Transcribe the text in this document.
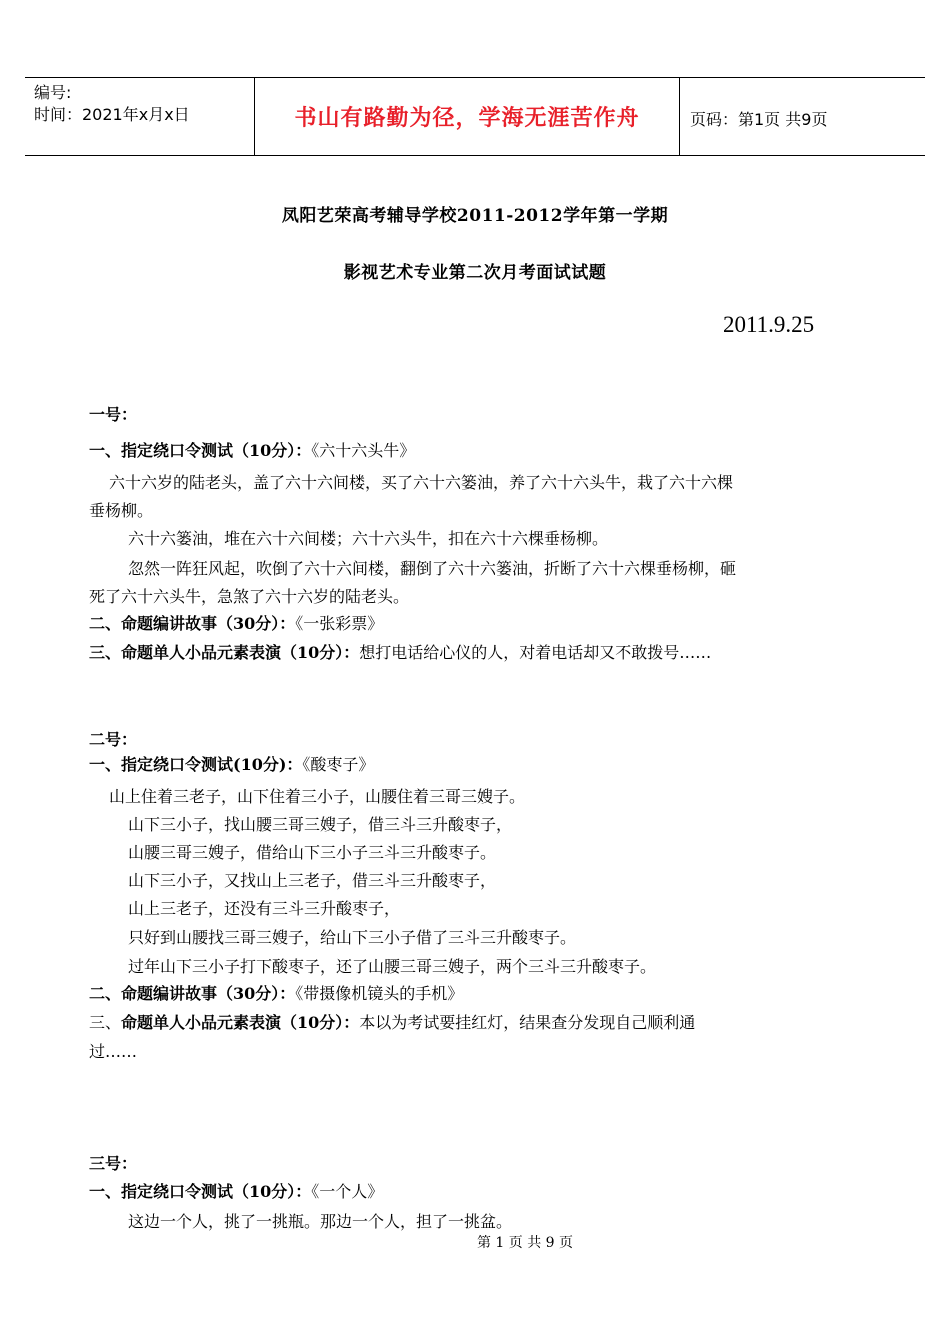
编号:
时间：2021年x月x日	书山有路勤为径，学海无涯苦作舟	页码：第1页 共9页
凤阳艺荣高考辅导学校2011-2012学年第一学期
影视艺术专业第二次月考面试试题
2011.9.25
一号：
一、指定绕口令测试（10分）：《六十六头牛》
六十六岁的陆老头，盖了六十六间楼，买了六十六篓油，养了六十六头牛，栽了六十六棵
垂杨柳。
六十六篓油，堆在六十六间楼；六十六头牛，扣在六十六棵垂杨柳。
忽然一阵狂风起，吹倒了六十六间楼，翻倒了六十六篓油，折断了六十六棵垂杨柳，砸
死了六十六头牛，急煞了六十六岁的陆老头。
二、命题编讲故事（30分）：《一张彩票》
三、命题单人小品元素表演（10分）：想打电话给心仪的人，对着电话却又不敢拨号……
二号：
一、指定绕口令测试(10分)：《酸枣子》
山上住着三老子，山下住着三小子，山腰住着三哥三嫂子。
山下三小子，找山腰三哥三嫂子，借三斗三升酸枣子，
山腰三哥三嫂子，借给山下三小子三斗三升酸枣子。
山下三小子，又找山上三老子，借三斗三升酸枣子，
山上三老子，还没有三斗三升酸枣子，
只好到山腰找三哥三嫂子，给山下三小子借了三斗三升酸枣子。
过年山下三小子打下酸枣子，还了山腰三哥三嫂子，两个三斗三升酸枣子。
二、命题编讲故事（30分）：《带摄像机镜头的手机》
三、命题单人小品元素表演（10分）：本以为考试要挂红灯，结果查分发现自己顺利通
过……
三号：
一、指定绕口令测试（10分）：《一个人》
这边一个人，挑了一挑瓶。那边一个人，担了一挑盆。
第 1 页 共 9 页
